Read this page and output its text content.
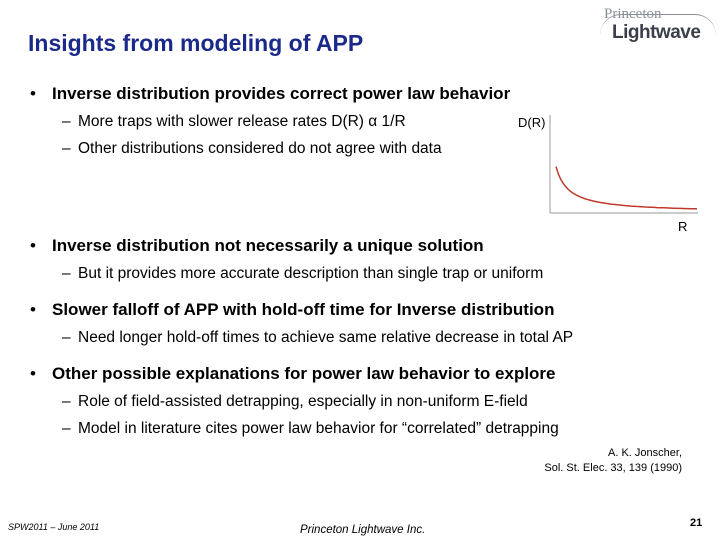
Insights from modeling of APP
Princeton
Lightwave
• Inverse distribution provides correct power law behavior
– More traps with slower release rates D(R) α 1/R
– Other distributions considered do not agree with data
D(R)
R
• Inverse distribution not necessarily a unique solution
– But it provides more accurate description than single trap or uniform
• Slower falloff of APP with hold-off time for Inverse distribution
– Need longer hold-off times to achieve same relative decrease in total AP
• Other possible explanations for power law behavior to explore
– Role of field-assisted detrapping, especially in non-uniform E-field
– Model in literature cites power law behavior for “correlated” detrapping
A. K. Jonscher,
Sol. St. Elec. 33, 139 (1990)
SPW2011 – June 2011	Princeton Lightwave Inc.
21
